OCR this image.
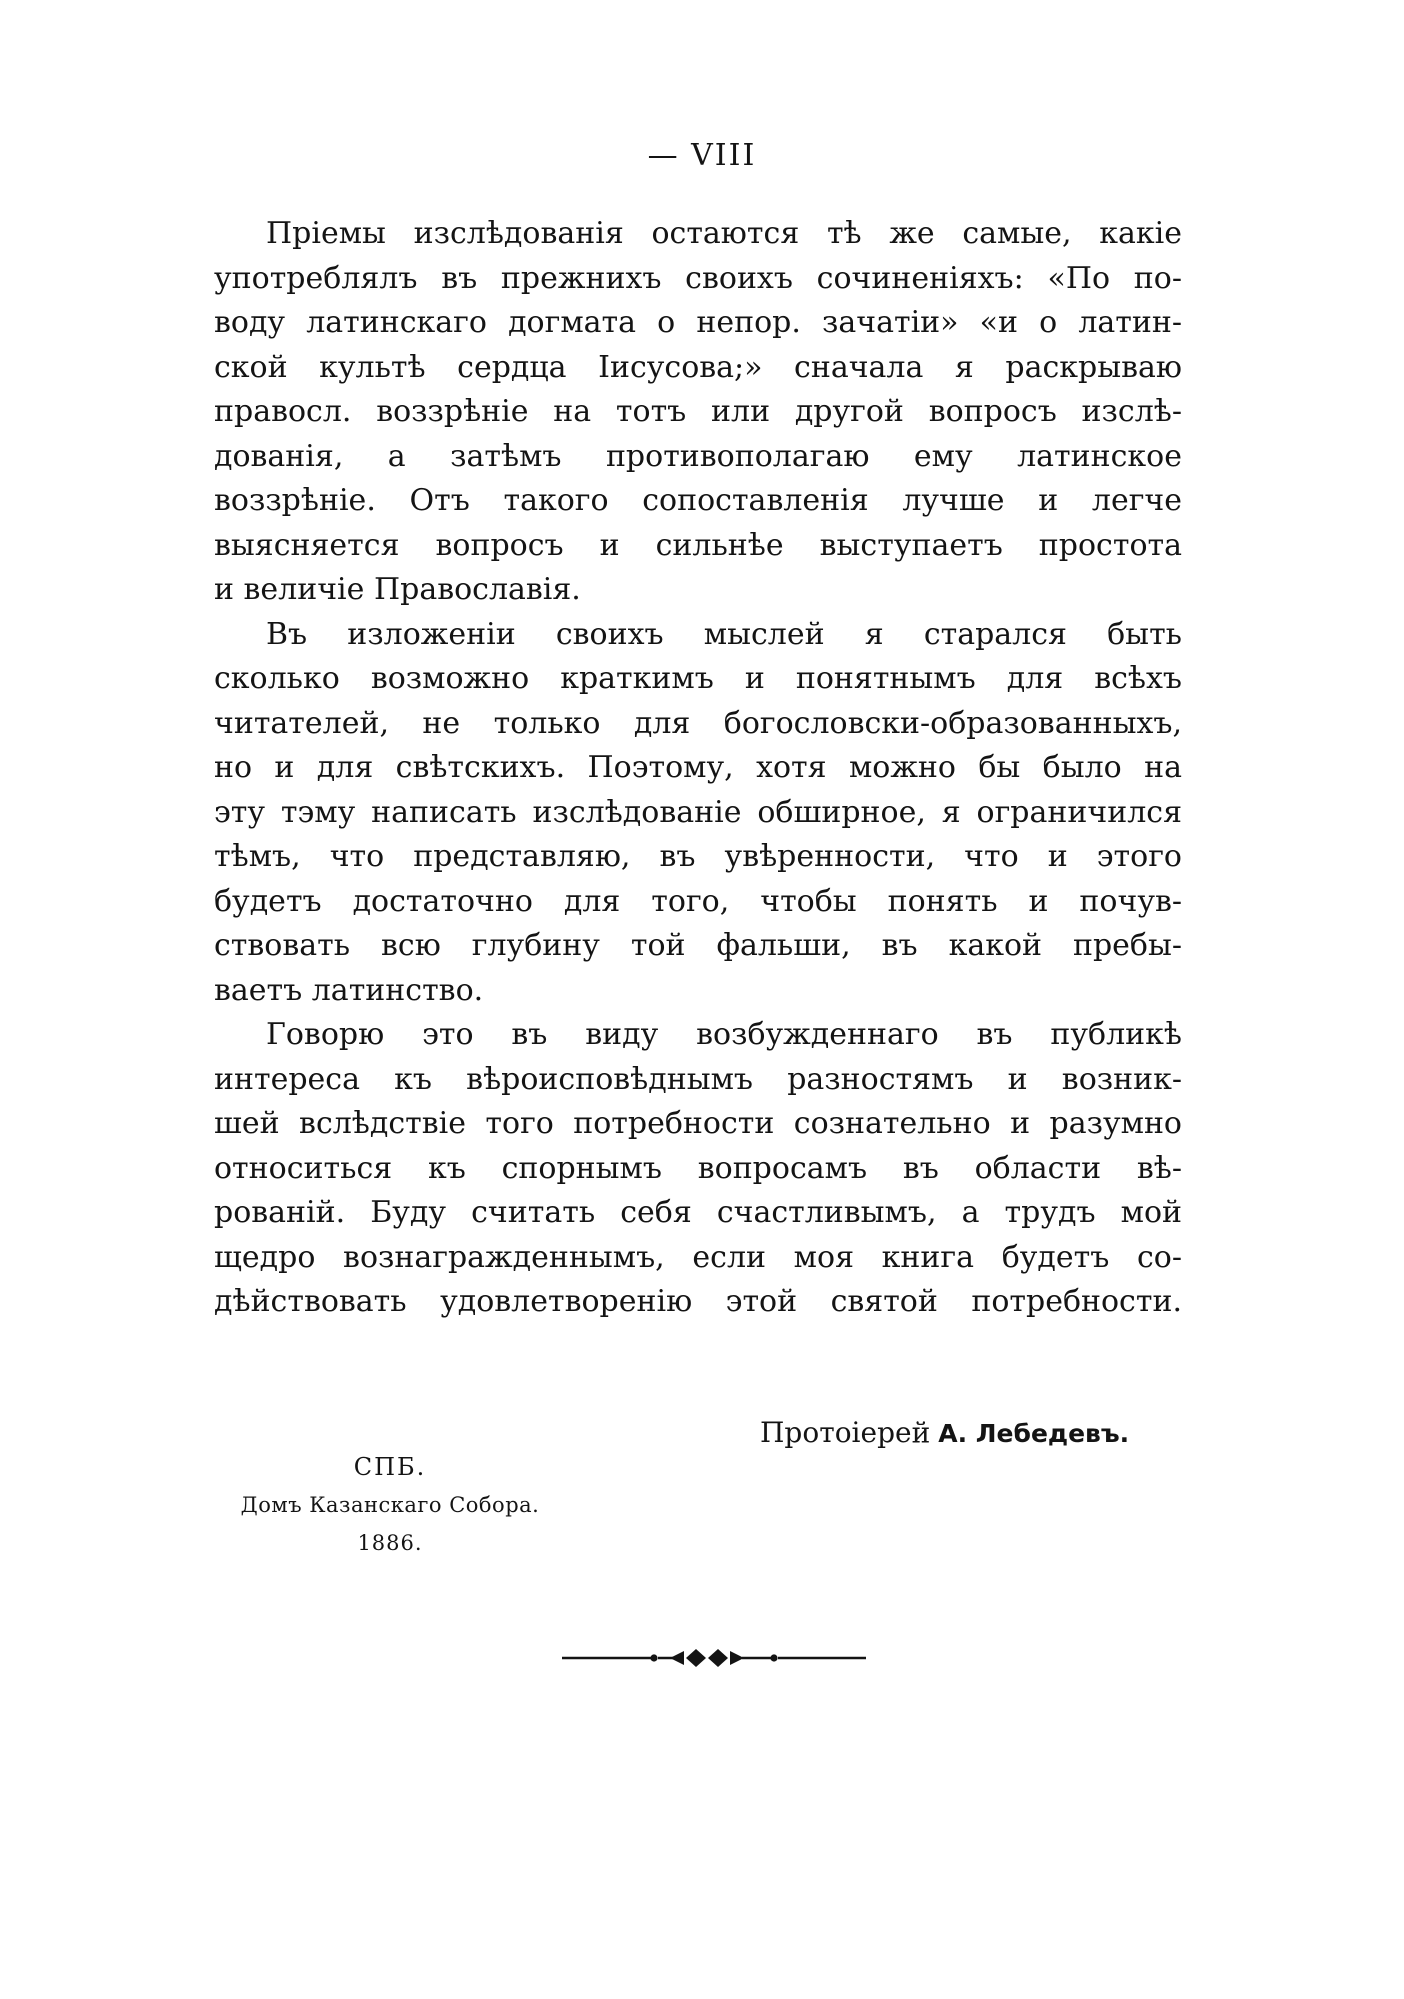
— VIII
Пріемы изслѣдованія остаются тѣ же самые, какіе
употреблялъ въ прежнихъ своихъ сочиненіяхъ: «По по-
воду латинскаго догмата о непор. зачатіи» «и о латин-
ской культѣ сердца Іисусова;» сначала я раскрываю
правосл. воззрѣніе на тотъ или другой вопросъ изслѣ-
дованія, а затѣмъ противополагаю ему латинское
воззрѣніе. Отъ такого сопоставленія лучше и легче
выясняется вопросъ и сильнѣе выступаетъ простота
и величіе Православія.
Въ изложеніи своихъ мыслей я старался быть
сколько возможно краткимъ и понятнымъ для всѣхъ
читателей, не только для богословски-образованныхъ,
но и для свѣтскихъ. Поэтому, хотя можно бы было на
эту тэму написать изслѣдованіе обширное, я ограничился
тѣмъ, что представляю, въ увѣренности, что и этого
будетъ достаточно для того, чтобы понять и почув-
ствовать всю глубину той фальши, въ какой пребы-
ваетъ латинство.
Говорю это въ виду возбужденнаго въ публикѣ
интереса къ вѣроисповѣднымъ разностямъ и возник-
шей вслѣдствіе того потребности сознательно и разумно
относиться къ спорнымъ вопросамъ въ области вѣ-
рованій. Буду считать себя счастливымъ, а трудъ мой
щедро вознагражденнымъ, если моя книга будетъ со-
дѣйствовать удовлетворенію этой святой потребности.
Протоіерей А. Лебедевъ.
СПБ.
Домъ Казанскаго Собора.
1886.
